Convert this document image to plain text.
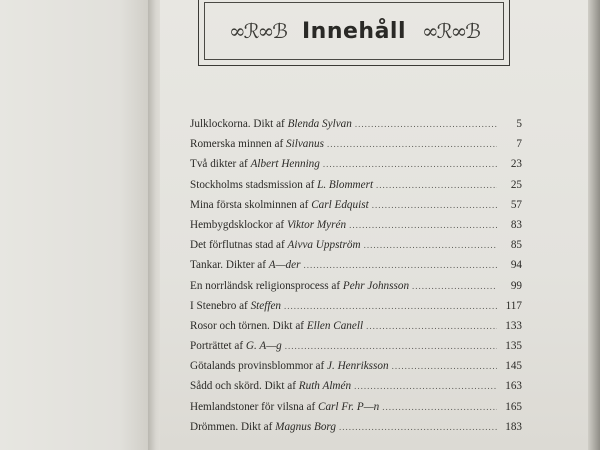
∞ℛ∞ℬ Innehåll ∞ℛ∞ℬ
Julklockorna. Dikt af Blenda Sylvan .....	5
Romerska minnen af Silvanus .....	7
Två dikter af Albert Henning .....	23
Stockholms stadsmission af L. Blommert .....	25
Mina första skolminnen af Carl Edquist .....	57
Hembygdsklockor af Viktor Myrén .....	83
Det förflutnas stad af Aivva Uppström .....	85
Tankar. Dikter af A—der .....	94
En norrländsk religionsprocess af Pehr Johnsson .....	99
I Stenebro af Steffen .....	117
Rosor och törnen. Dikt af Ellen Canell .....	133
Porträttet af G. A—g .....	135
Götalands provinsblommor af J. Henriksson .....	145
Sådd och skörd. Dikt af Ruth Almén .....	163
Hemlandstoner för vilsna af Carl Fr. P—n .....	165
Drömmen. Dikt af Magnus Borg .....	183
